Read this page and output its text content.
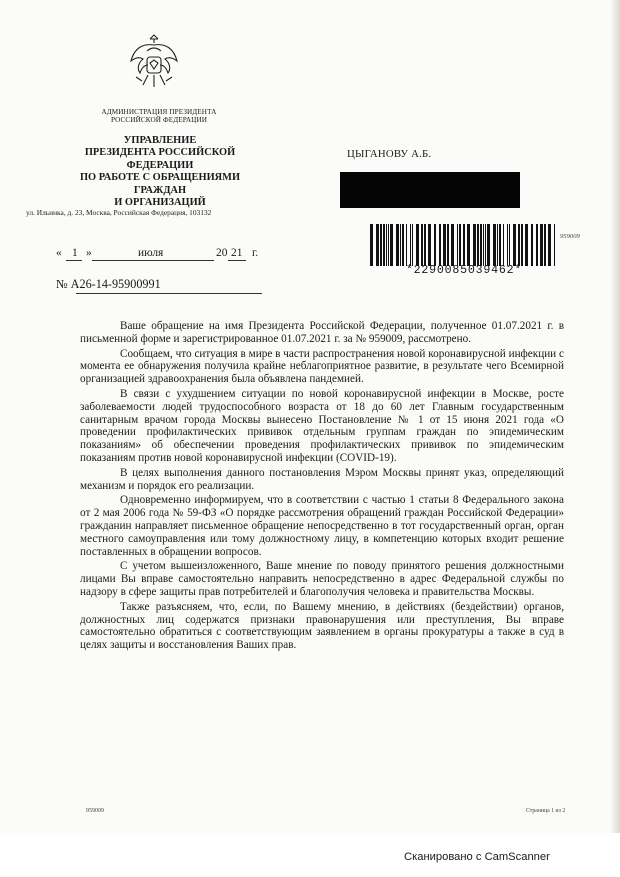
АДМИНИСТРАЦИЯ ПРЕЗИДЕНТА
РОССИЙСКОЙ ФЕДЕРАЦИИ
УПРАВЛЕНИЕ
ПРЕЗИДЕНТА РОССИЙСКОЙ ФЕДЕРАЦИИ
ПО РАБОТЕ С ОБРАЩЕНИЯМИ ГРАЖДАН
И ОРГАНИЗАЦИЙ
ул. Ильинка, д. 23, Москва, Российская Федерация, 103132
ЦЫГАНОВУ А.Б.
*2290085039462*
959009
« 1 »	июля	20 21 г.
№ А26-14-95900991

Ваше обращение на имя Президента Российской Федерации, полученное 01.07.2021 г. в письменной форме и зарегистрированное 01.07.2021 г. за № 959009, рассмотрено.

Сообщаем, что ситуация в мире в части распространения новой коронавирусной инфекции с момента ее обнаружения получила крайне неблагоприятное развитие, в результате чего Всемирной организацией здравоохранения была объявлена пандемией.

В связи с ухудшением ситуации по новой коронавирусной инфекции в Москве, росте заболеваемости людей трудоспособного возраста от 18 до 60 лет Главным государственным санитарным врачом города Москвы вынесено Постановление № 1 от 15 июня 2021 года «О проведении профилактических прививок отдельным группам граждан по эпидемическим показаниям» об обеспечении проведения профилактических прививок по эпидемическим показаниям против новой коронавирусной инфекции (COVID-19).

В целях выполнения данного постановления Мэром Москвы принят указ, определяющий механизм и порядок его реализации.

Одновременно информируем, что в соответствии с частью 1 статьи 8 Федерального закона от 2 мая 2006 года № 59-ФЗ «О порядке рассмотрения обращений граждан Российской Федерации» гражданин направляет письменное обращение непосредственно в тот государственный орган, орган местного самоуправления или тому должностному лицу, в компетенцию которых входит решение поставленных в обращении вопросов.

С учетом вышеизложенного, Ваше мнение по поводу принятого решения должностными лицами Вы вправе самостоятельно направить непосредственно в адрес Федеральной службы по надзору в сфере защиты прав потребителей и благополучия человека и правительства Москвы.

Также разъясняем, что, если, по Вашему мнению, в действиях (бездействии) органов, должностных лиц содержатся признаки правонарушения или преступления, Вы вправе самостоятельно обратиться с соответствующим заявлением в органы прокуратуры а также в суд в целях защиты и восстановления Ваших прав.

959009	Страница 1 из 2
Сканировано с CamScanner
